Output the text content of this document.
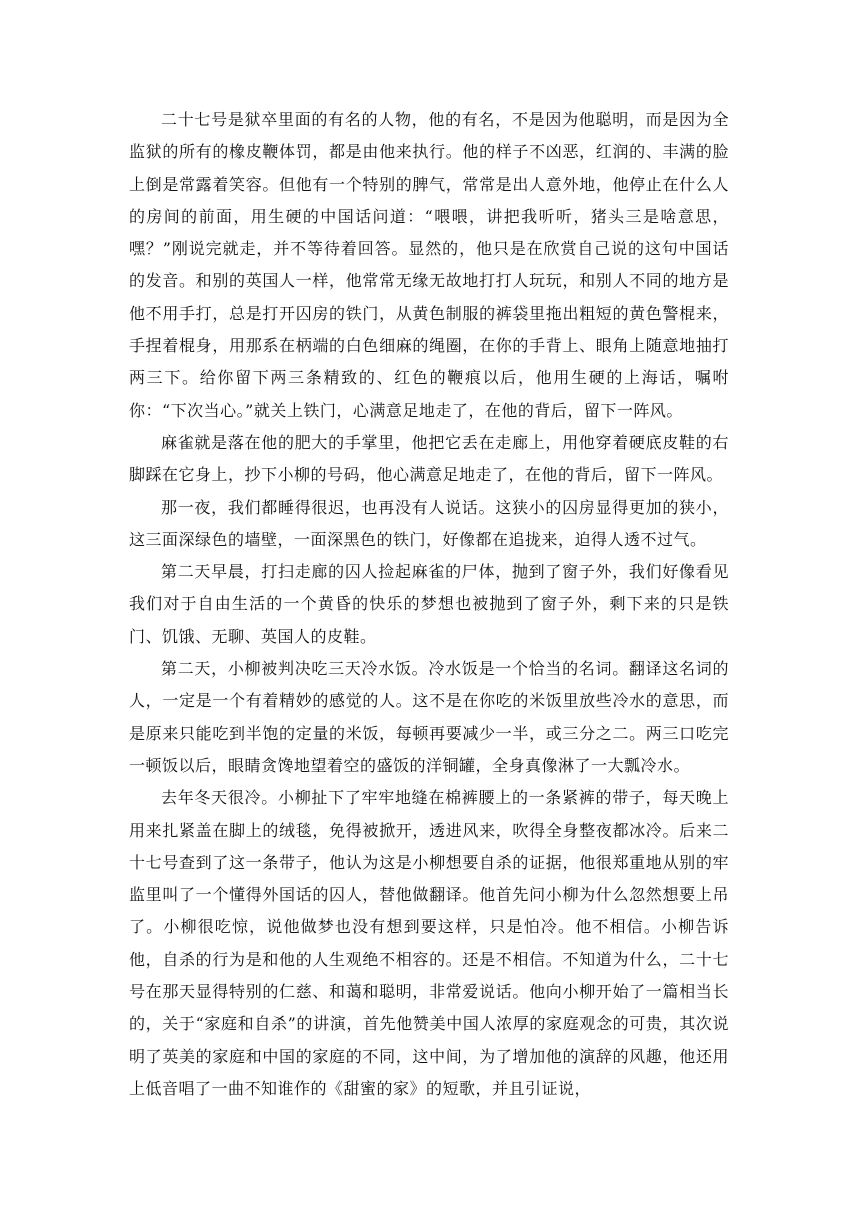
二十七号是狱卒里面的有名的人物，他的有名，不是因为他聪明，而是因为全监狱的所有的橡皮鞭体罚，都是由他来执行。他的样子不凶恶，红润的、丰满的脸上倒是常露着笑容。但他有一个特别的脾气，常常是出人意外地，他停止在什么人的房间的前面，用生硬的中国话问道：“喂喂，讲把我听听，猪头三是啥意思，嘿？”刚说完就走，并不等待着回答。显然的，他只是在欣赏自己说的这句中国话的发音。和别的英国人一样，他常常无缘无故地打打人玩玩，和别人不同的地方是他不用手打，总是打开囚房的铁门，从黄色制服的裤袋里拖出粗短的黄色警棍来，手捏着棍身，用那系在柄端的白色细麻的绳圈，在你的手背上、眼角上随意地抽打两三下。给你留下两三条精致的、红色的鞭痕以后，他用生硬的上海话，嘱咐你：“下次当心。”就关上铁门，心满意足地走了，在他的背后，留下一阵风。

麻雀就是落在他的肥大的手掌里，他把它丢在走廊上，用他穿着硬底皮鞋的右脚踩在它身上，抄下小柳的号码，他心满意足地走了，在他的背后，留下一阵风。

那一夜，我们都睡得很迟，也再没有人说话。这狭小的囚房显得更加的狭小，这三面深绿色的墙壁，一面深黑色的铁门，好像都在追拢来，迫得人透不过气。

第二天早晨，打扫走廊的囚人捡起麻雀的尸体，抛到了窗子外，我们好像看见我们对于自由生活的一个黄昏的快乐的梦想也被抛到了窗子外，剩下来的只是铁门、饥饿、无聊、英国人的皮鞋。

第二天，小柳被判决吃三天冷水饭。冷水饭是一个恰当的名词。翻译这名词的人，一定是一个有着精妙的感觉的人。这不是在你吃的米饭里放些冷水的意思，而是原来只能吃到半饱的定量的米饭，每顿再要减少一半，或三分之二。两三口吃完一顿饭以后，眼睛贪馋地望着空的盛饭的洋铜罐，全身真像淋了一大瓢冷水。

去年冬天很冷。小柳扯下了牢牢地缝在棉裤腰上的一条紧裤的带子，每天晚上用来扎紧盖在脚上的绒毯，免得被掀开，透进风来，吹得全身整夜都冰冷。后来二十七号查到了这一条带子，他认为这是小柳想要自杀的证据，他很郑重地从别的牢监里叫了一个懂得外国话的囚人，替他做翻译。他首先问小柳为什么忽然想要上吊了。小柳很吃惊，说他做梦也没有想到要这样，只是怕冷。他不相信。小柳告诉他，自杀的行为是和他的人生观绝不相容的。还是不相信。不知道为什么，二十七号在那天显得特别的仁慈、和蔼和聪明，非常爱说话。他向小柳开始了一篇相当长的，关于“家庭和自杀”的讲演，首先他赞美中国人浓厚的家庭观念的可贵，其次说明了英美的家庭和中国的家庭的不同，这中间，为了增加他的演辞的风趣，他还用上低音唱了一曲不知谁作的《甜蜜的家》的短歌，并且引证说，
